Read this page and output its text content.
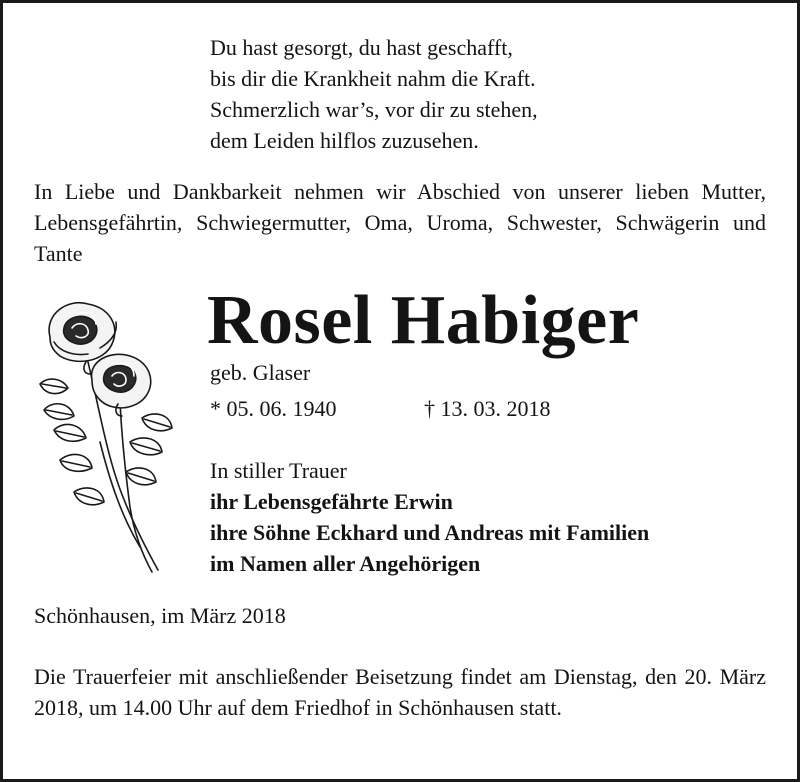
Du hast gesorgt, du hast geschafft,
bis dir die Krankheit nahm die Kraft.
Schmerzlich war’s, vor dir zu stehen,
dem Leiden hilflos zuzusehen.
In Liebe und Dankbarkeit nehmen wir Abschied von unserer lieben Mutter, Lebensgefährtin, Schwiegermutter, Oma, Uroma, Schwester, Schwägerin und Tante
Rosel Habiger
geb. Glaser
* 05. 06. 1940	† 13. 03. 2018
In stiller Trauer
ihr Lebensgefährte Erwin
ihre Söhne Eckhard und Andreas mit Familien
im Namen aller Angehörigen
Schönhausen, im März 2018
Die Trauerfeier mit anschließender Beisetzung findet am Dienstag, den 20. März 2018, um 14.00 Uhr auf dem Friedhof in Schönhausen statt.
